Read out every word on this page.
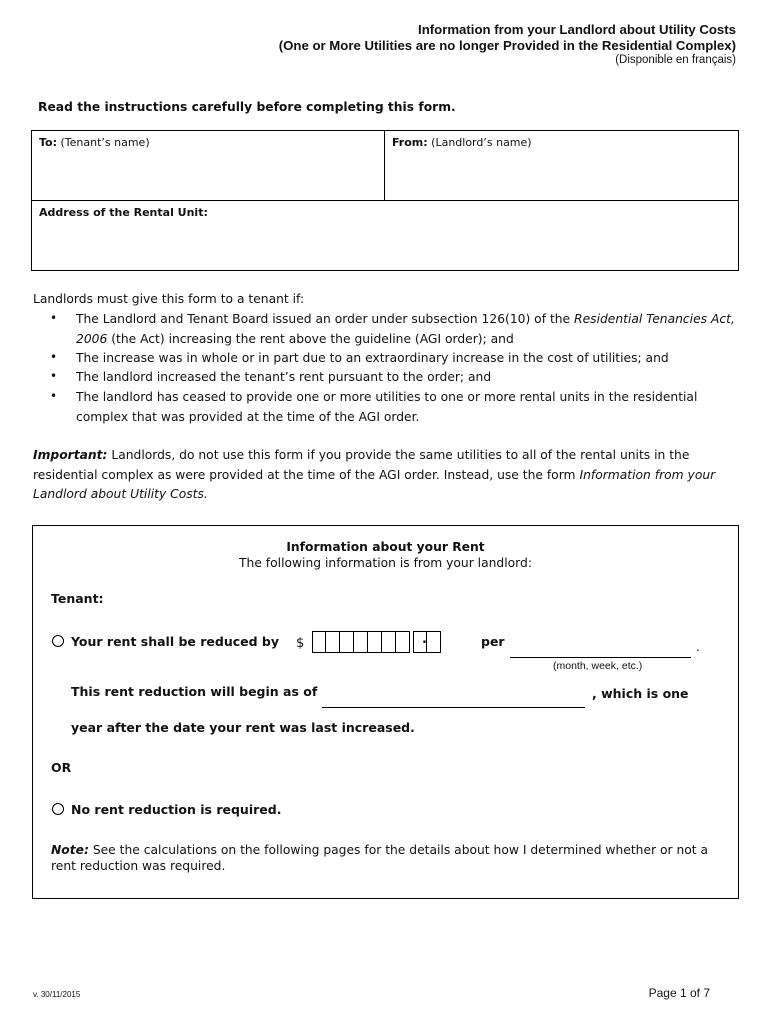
Information from your Landlord about Utility Costs
(One or More Utilities are no longer Provided in the Residential Complex)
(Disponible en français)
Read the instructions carefully before completing this form.
To: (Tenant’s name)	From: (Landlord’s name)
Address of the Rental Unit:
Landlords must give this form to a tenant if:
• The Landlord and Tenant Board issued an order under subsection 126(10) of the Residential Tenancies Act, 2006 (the Act) increasing the rent above the guideline (AGI order); and
• The increase was in whole or in part due to an extraordinary increase in the cost of utilities; and
• The landlord increased the tenant’s rent pursuant to the order; and
• The landlord has ceased to provide one or more utilities to one or more rental units in the residential complex that was provided at the time of the AGI order.
Important: Landlords, do not use this form if you provide the same utilities to all of the rental units in the residential complex as were provided at the time of the AGI order. Instead, use the form Information from your Landlord about Utility Costs.
Information about your Rent
The following information is from your landlord:
Tenant:
Your rent shall be reduced by $	.	per	.
(month, week, etc.)
This rent reduction will begin as of	, which is one
year after the date your rent was last increased.
OR
No rent reduction is required.
Note: See the calculations on the following pages for the details about how I determined whether or not a rent reduction was required.
v. 30/11/2015	Page 1 of 7
